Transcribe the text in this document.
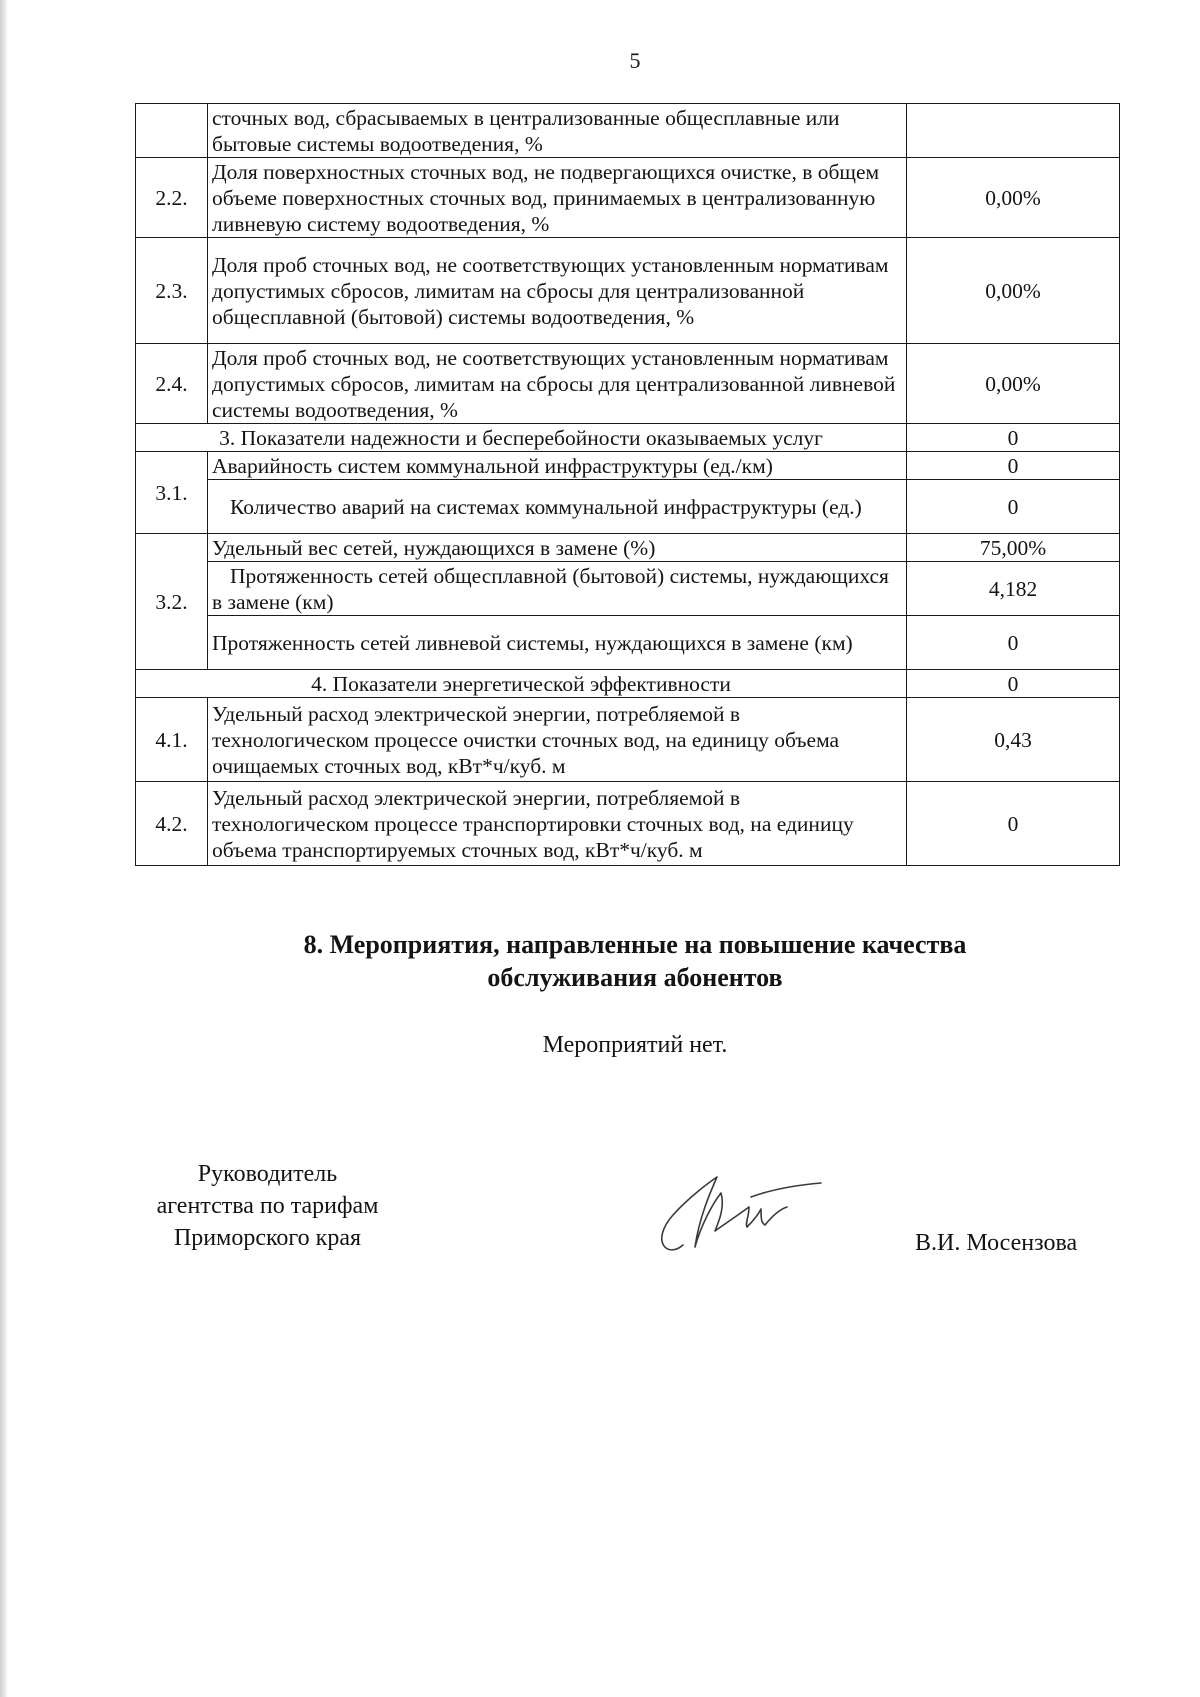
5
	сточных вод, сбрасываемых в централизованные общесплавные или бытовые системы водоотведения, %	
2.2.	Доля поверхностных сточных вод, не подвергающихся очистке, в общем объеме поверхностных сточных вод, принимаемых в централизованную ливневую систему водоотведения, %	0,00%
2.3.	Доля проб сточных вод, не соответствующих установленным нормативам допустимых сбросов, лимитам на сбросы для централизованной общесплавной (бытовой) системы водоотведения, %	0,00%
2.4.	Доля проб сточных вод, не соответствующих установленным нормативам допустимых сбросов, лимитам на сбросы для централизованной ливневой системы водоотведения, %	0,00%
3. Показатели надежности и бесперебойности оказываемых услуг		0
3.1.	Аварийность систем коммунальной инфраструктуры (ед./км)	0
	Количество аварий на системах коммунальной инфраструктуры (ед.)	0
3.2.	Удельный вес сетей, нуждающихся в замене (%)	75,00%
	Протяженность сетей общесплавной (бытовой) системы, нуждающихся в замене (км)	4,182
	Протяженность сетей ливневой системы, нуждающихся в замене (км)	0
4. Показатели энергетической эффективности		0
4.1.	Удельный расход электрической энергии, потребляемой в технологическом процессе очистки сточных вод, на единицу объема очищаемых сточных вод, кВт*ч/куб. м	0,43
4.2.	Удельный расход электрической энергии, потребляемой в технологическом процессе транспортировки сточных вод, на единицу объема транспортируемых сточных вод, кВт*ч/куб. м	0
8. Мероприятия, направленные на повышение качества
обслуживания абонентов
Мероприятий нет.
Руководитель
агентства по тарифам
Приморского края	В.И. Мосензова
